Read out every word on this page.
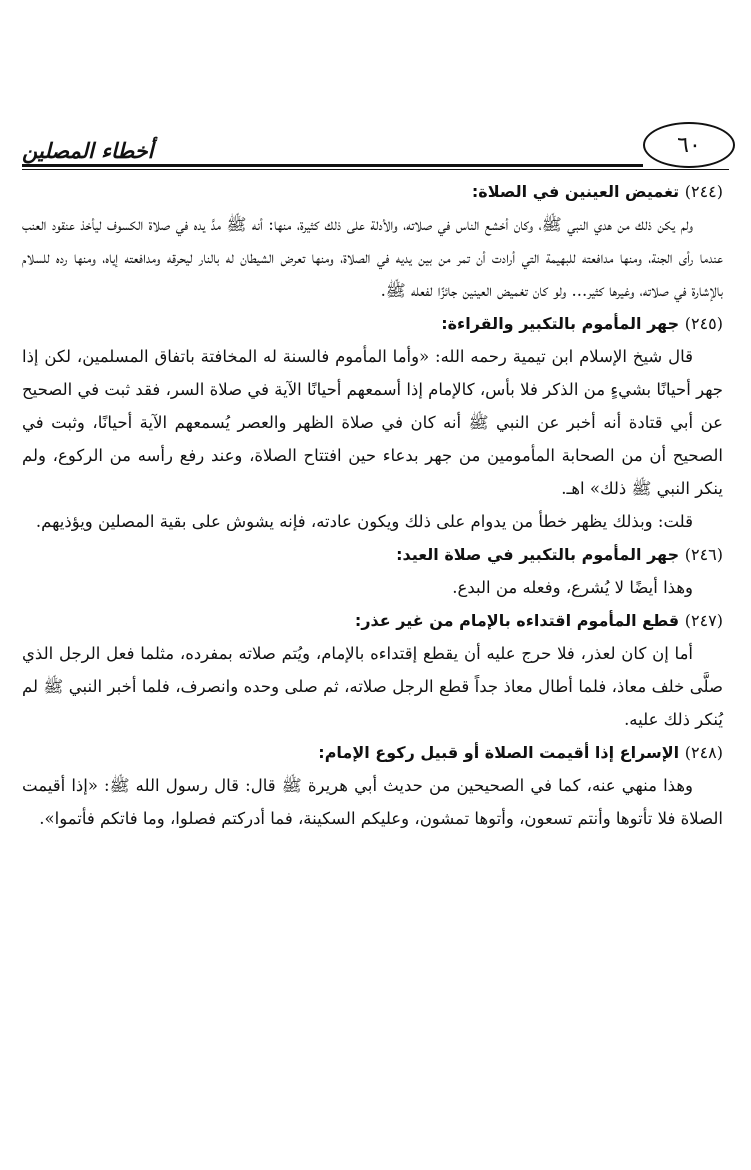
أخطاء المصلين	٦٠
(٢٤٤) تغميض العينين في الصلاة:

ولم يكن ذلك من هدي النبي ﷺ، وكان أخشع الناس في صلاته، والأدلة على ذلك كثيرة، منها: أنه ﷺ مدَّ يده في صلاة الكسوف ليأخذ عنقود العنب عندما رأى الجنة، ومنها مدافعته للبهيمة التي أرادت أن تمر من بين يديه في الصلاة، ومنها تعرض الشيطان له بالنار ليحرقه ومدافعته إياه، ومنها رده للسلام بالإشارة في صلاته، وغيرها كثير... ولو كان تغميض العينين جائزًا لفعله ﷺ.

(٢٤٥) جهر المأموم بالتكبير والقراءة:

قال شيخ الإسلام ابن تيمية رحمه الله: «وأما المأموم فالسنة له المخافتة باتفاق المسلمين، لكن إذا جهر أحيانًا بشيءٍ من الذكر فلا بأس، كالإمام إذا أسمعهم أحيانًا الآية في صلاة السر، فقد ثبت في الصحيح عن أبي قتادة أنه أخبر عن النبي ﷺ أنه كان في صلاة الظهر والعصر يُسمعهم الآية أحيانًا، وثبت في الصحيح أن من الصحابة المأمومين من جهر بدعاء حين افتتاح الصلاة، وعند رفع رأسه من الركوع، ولم ينكر النبي ﷺ ذلك» اهـ.

قلت: وبذلك يظهر خطأ من يدوام على ذلك ويكون عادته، فإنه يشوش على بقية المصلين ويؤذيهم.

(٢٤٦) جهر المأموم بالتكبير في صلاة العيد:

وهذا أيضًا لا يُشرع، وفعله من البدع.

(٢٤٧) قطع المأموم اقتداءه بالإمام من غير عذر:

أما إن كان لعذر، فلا حرج عليه أن يقطع إقتداءه بالإمام، ويُتم صلاته بمفرده، مثلما فعل الرجل الذي صلَّى خلف معاذ، فلما أطال معاذ جداً قطع الرجل صلاته، ثم صلى وحده وانصرف، فلما أخبر النبي ﷺ لم يُنكر ذلك عليه.

(٢٤٨) الإسراع إذا أقيمت الصلاة أو قبيل ركوع الإمام:

وهذا منهي عنه، كما في الصحيحين من حديث أبي هريرة ﷺ قال: قال رسول الله ﷺ: «إذا أقيمت الصلاة فلا تأتوها وأنتم تسعون، وأتوها تمشون، وعليكم السكينة، فما أدركتم فصلوا، وما فاتكم فأتموا».
